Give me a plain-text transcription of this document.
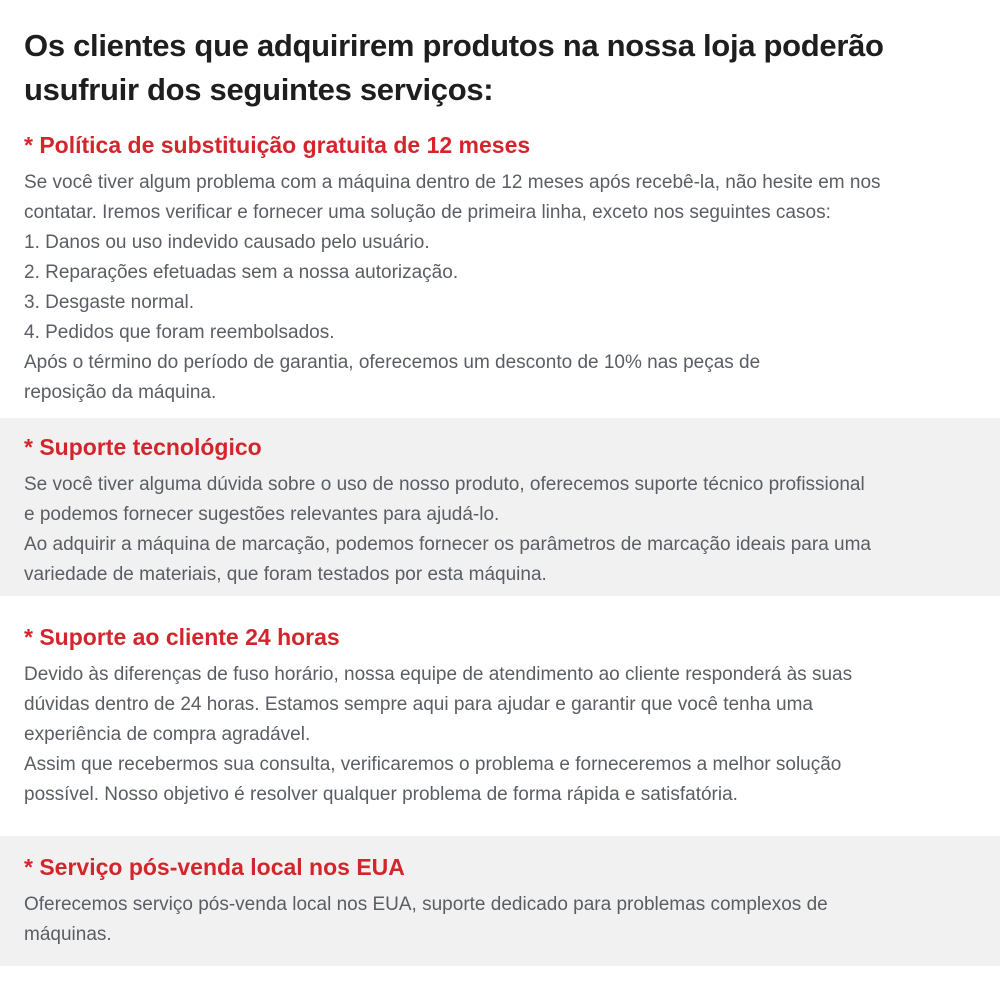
Os clientes que adquirirem produtos na nossa loja poderão usufruir dos seguintes serviços:
* Política de substituição gratuita de 12 meses
Se você tiver algum problema com a máquina dentro de 12 meses após recebê-la, não hesite em nos
contatar. Iremos verificar e fornecer uma solução de primeira linha, exceto nos seguintes casos:
1. Danos ou uso indevido causado pelo usuário.
2. Reparações efetuadas sem a nossa autorização.
3. Desgaste normal.
4. Pedidos que foram reembolsados.
Após o término do período de garantia, oferecemos um desconto de 10% nas peças de
reposição da máquina.
* Suporte tecnológico
Se você tiver alguma dúvida sobre o uso de nosso produto, oferecemos suporte técnico profissional
e podemos fornecer sugestões relevantes para ajudá-lo.
Ao adquirir a máquina de marcação, podemos fornecer os parâmetros de marcação ideais para uma
variedade de materiais, que foram testados por esta máquina.
* Suporte ao cliente 24 horas
Devido às diferenças de fuso horário, nossa equipe de atendimento ao cliente responderá às suas
dúvidas dentro de 24 horas. Estamos sempre aqui para ajudar e garantir que você tenha uma
experiência de compra agradável.
Assim que recebermos sua consulta, verificaremos o problema e forneceremos a melhor solução
possível. Nosso objetivo é resolver qualquer problema de forma rápida e satisfatória.
* Serviço pós-venda local nos EUA
Oferecemos serviço pós-venda local nos EUA, suporte dedicado para problemas complexos de
máquinas.
